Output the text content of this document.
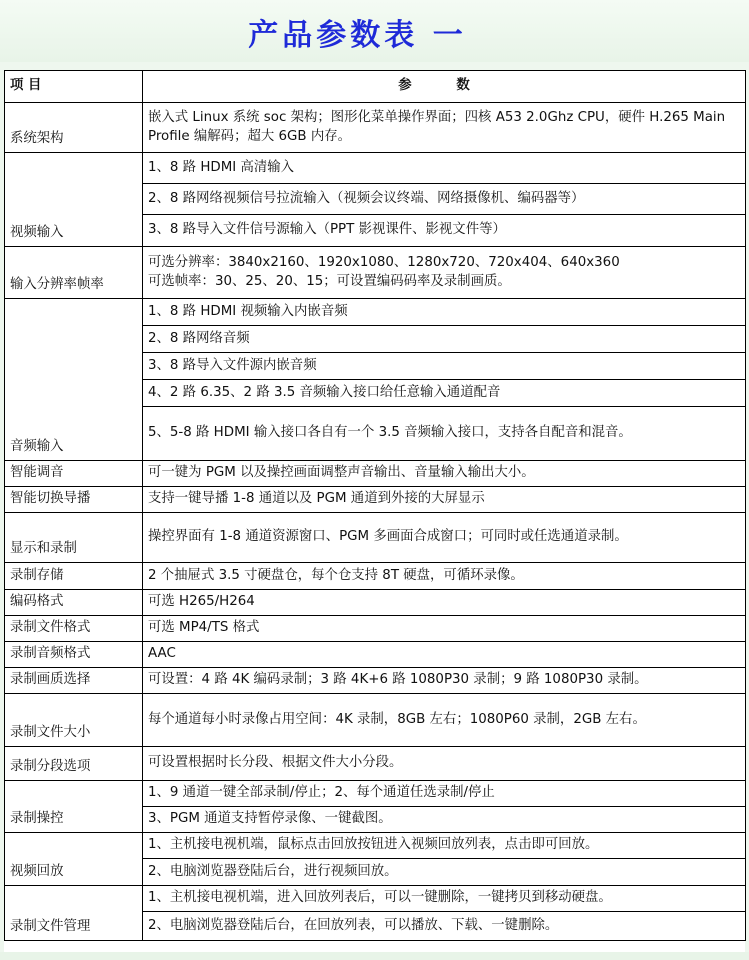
产品参数表 一
项 目	参 数
系统架构	嵌入式 Linux 系统 soc 架构；图形化菜单操作界面；四核 A53 2.0Ghz CPU，硬件 H.265 Main Profile 编解码；超大 6GB 内存。
视频输入	1、8 路 HDMI 高清输入
	2、8 路网络视频信号拉流输入（视频会议终端、网络摄像机、编码器等）
	3、8 路导入文件信号源输入（PPT 影视课件、影视文件等）
输入分辨率帧率	可选分辨率：3840x2160、1920x1080、1280x720、720x404、640x360
可选帧率：30、25、20、15；可设置编码码率及录制画质。
音频输入	1、8 路 HDMI 视频输入内嵌音频
	2、8 路网络音频
	3、8 路导入文件源内嵌音频
	4、2 路 6.35、2 路 3.5 音频输入接口给任意输入通道配音
	5、5-8 路 HDMI 输入接口各自有一个 3.5 音频输入接口，支持各自配音和混音。
智能调音	可一键为 PGM 以及操控画面调整声音输出、音量输入输出大小。
智能切换导播	支持一键导播 1-8 通道以及 PGM 通道到外接的大屏显示
显示和录制	操控界面有 1-8 通道资源窗口、PGM 多画面合成窗口；可同时或任选通道录制。
录制存储	2 个抽屉式 3.5 寸硬盘仓，每个仓支持 8T 硬盘，可循环录像。
编码格式	可选 H265/H264
录制文件格式	可选 MP4/TS 格式
录制音频格式	AAC
录制画质选择	可设置：4 路 4K 编码录制；3 路 4K+6 路 1080P30 录制；9 路 1080P30 录制。
录制文件大小	每个通道每小时录像占用空间：4K 录制，8GB 左右；1080P60 录制，2GB 左右。
录制分段选项	可设置根据时长分段、根据文件大小分段。
录制操控	1、9 通道一键全部录制/停止；2、每个通道任选录制/停止
	3、PGM 通道支持暂停录像、一键截图。
视频回放	1、主机接电视机端，鼠标点击回放按钮进入视频回放列表，点击即可回放。
	2、电脑浏览器登陆后台，进行视频回放。
录制文件管理	1、主机接电视机端，进入回放列表后，可以一键删除，一键拷贝到移动硬盘。
	2、电脑浏览器登陆后台，在回放列表，可以播放、下载、一键删除。
